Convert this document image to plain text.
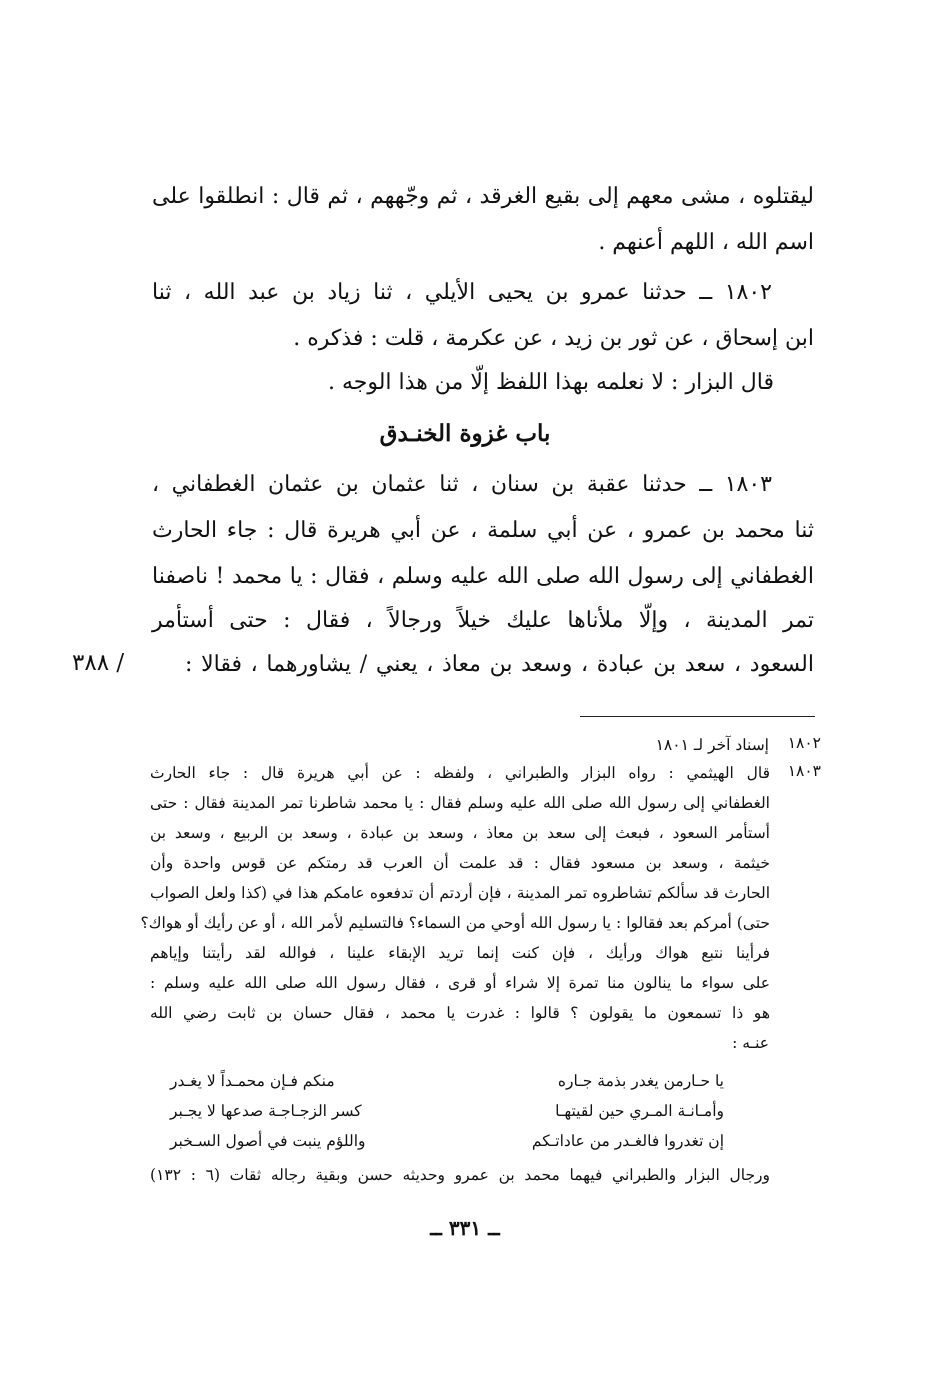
ليقتلوه ، مشى معهم إلى بقيع الغرقد ، ثم وجّههم ، ثم قال : انطلقوا على
اسم الله ، اللهم أعنهم .
١٨٠٢ ــ حدثنا عمرو بن يحيى الأيلي ، ثنا زياد بن عبد الله ، ثنا
ابن إسحاق ، عن ثور بن زيد ، عن عكرمة ، قلت : فذكره .
قال البزار : لا نعلمه بهذا اللفظ إلّا من هذا الوجه .
باب غزوة الخنـدق
١٨٠٣ ــ حدثنا عقبة بن سنان ، ثنا عثمان بن عثمان الغطفاني ،
ثنا محمد بن عمرو ، عن أبي سلمة ، عن أبي هريرة قال : جاء الحارث
الغطفاني إلى رسول الله صلى الله عليه وسلم ، فقال : يا محمد ! ناصفنا
تمر المدينة ، وإلّا ملأناها عليك خيلاً ورجالاً ، فقال : حتى أستأمر
السعود ، سعد بن عبادة ، وسعد بن معاذ ، يعني / يشاورهما ، فقالا :
/ ٣٨٨
١٨٠٢
إسناد آخر لـ ١٨٠١
١٨٠٣
قال الهيثمي : رواه البزار والطبراني ، ولفظه : عن أبي هريرة قال : جاء الحارث
الغطفاني إلى رسول الله صلى الله عليه وسلم فقال : يا محمد شاطرنا تمر المدينة فقال : حتى
أستأمر السعود ، فبعث إلى سعد بن معاذ ، وسعد بن عبادة ، وسعد بن الربيع ، وسعد بن
خيثمة ، وسعد بن مسعود فقال : قد علمت أن العرب قد رمتكم عن قوس واحدة وأن
الحارث قد سألكم تشاطروه تمر المدينة ، فإن أردتم أن تدفعوه عامكم هذا في (كذا ولعل الصواب
حتى) أمركم بعد فقالوا : يا رسول الله أوحي من السماء؟ فالتسليم لأمر الله ، أو عن رأيك أو هواك؟
فرأينا نتبع هواك ورأيك ، فإن كنت إنما تريد الإبقاء علينا ، فوالله لقد رأيتنا وإياهم
على سواء ما ينالون منا تمرة إلا شراء أو قرى ، فقال رسول الله صلى الله عليه وسلم :
هو ذا تسمعون ما يقولون ؟ قالوا : غدرت يا محمد ، فقال حسان بن ثابت رضي الله
عنـه :
يا حـارمن يغدر بذمة جـاره
منكم فـإن محمـداً لا يغـدر
وأمـانـة المـري حين لقيتهـا
كسر الزجـاجـة صدعها لا يجـبر
إن تغدروا فالغـدر من عاداتـكم
واللؤم ينبت في أصول السـخبر
ورجال البزار والطبراني فيهما محمد بن عمرو وحديثه حسن وبقية رجاله ثقات (٦ : ١٣٢)
ــ ٣٣١ ــ
